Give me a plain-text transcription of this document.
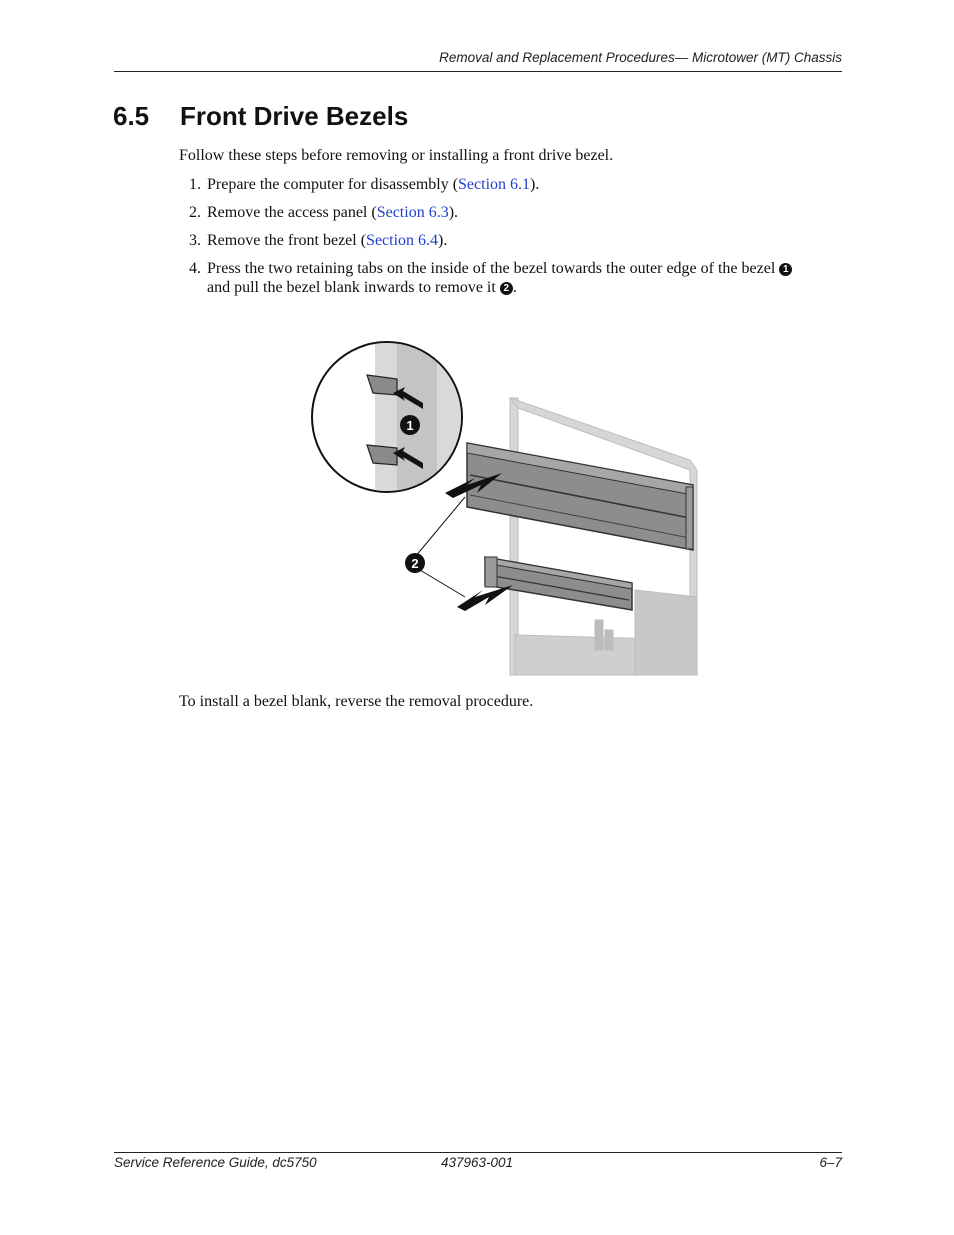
Removal and Replacement Procedures— Microtower (MT) Chassis
6.5 Front Drive Bezels

Follow these steps before removing or installing a front drive bezel.

1. Prepare the computer for disassembly (Section 6.1).
2. Remove the access panel (Section 6.3).
3. Remove the front bezel (Section 6.4).
4. Press the two retaining tabs on the inside of the bezel towards the outer edge of the bezel 1
and pull the bezel blank inwards to remove it 2 .
1
2

To install a bezel blank, reverse the removal procedure.

Service Reference Guide, dc5750	437963-001	6–7
